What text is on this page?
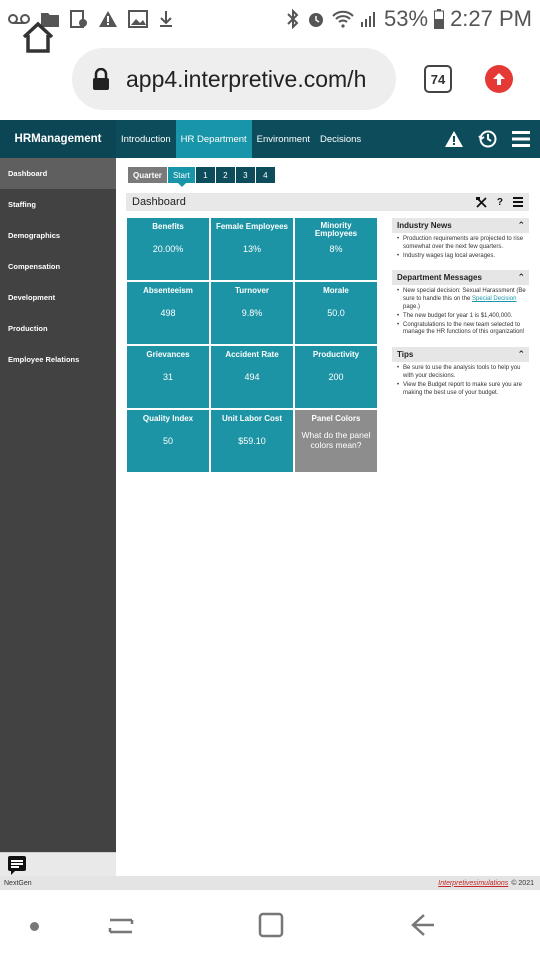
53% 2:27 PM
app4.interpretive.com/h	74
HRManagement	Introduction	HR Department	Environment	Decisions
Dashboard
Staffing
Demographics
Compensation
Development
Production
Employee Relations
Quarter	Start	1	2	3	4
Dashboard	?
Benefits
20.00%
Female Employees
13%
Minority Employees
8%
Absenteeism
498
Turnover
9.8%
Morale
50.0
Grievances
31
Accident Rate
494
Productivity
200
Quality Index
50
Unit Labor Cost
$59.10
Panel Colors
What do the panel colors mean?
Industry News	⌃
• Production requirements are projected to rise somewhat over the next few quarters.
• Industry wages lag local averages.
Department Messages	⌃
• New special decision: Sexual Harassment (Be sure to handle this on the Special Decision page.)
• The new budget for year 1 is $1,400,000.
• Congratulations to the new team selected to manage the HR functions of this organization!
Tips	⌃
• Be sure to use the analysis tools to help you with your decisions.
• View the Budget report to make sure you are making the best use of your budget.
NextGen	Interpretivesimulations © 2021
